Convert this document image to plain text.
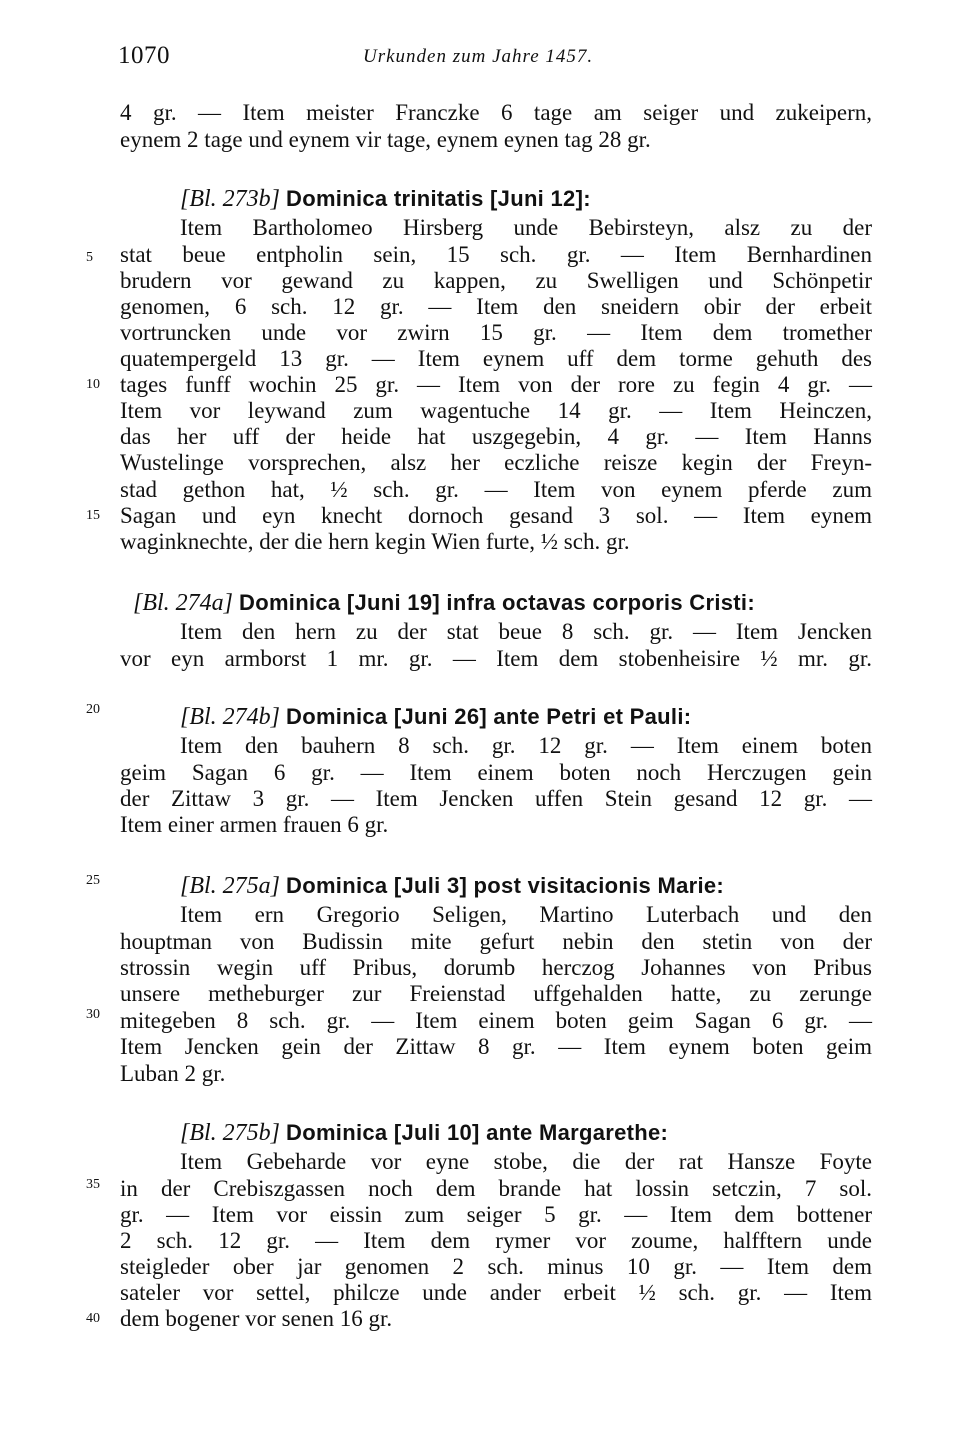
1070	Urkunden zum Jahre 1457.
5
10
15
20
25
30
35
40
4 gr. — Item meister Franczke 6 tage am seiger und zukeipern,
eynem 2 tage und eynem vir tage, eynem eynen tag 28 gr.
[Bl. 273b] Dominica trinitatis [Juni 12]:
Item Bartholomeo Hirsberg unde Bebirsteyn, alsz zu der
stat beue entpholin sein, 15 sch. gr. — Item Bernhardinen
brudern vor gewand zu kappen, zu Swelligen und Schönpetir
genomen, 6 sch. 12 gr. — Item den sneidern obir der erbeit
vortruncken unde vor zwirn 15 gr. — Item dem tromether
quatempergeld 13 gr. — Item eynem uff dem torme gehuth des
tages funff wochin 25 gr. — Item von der rore zu fegin 4 gr. —
Item vor leywand zum wagentuche 14 gr. — Item Heinczen,
das her uff der heide hat uszgegebin, 4 gr. — Item Hanns
Wustelinge vorsprechen, alsz her eczliche reisze kegin der Freyn-
stad gethon hat, ½ sch. gr. — Item von eynem pferde zum
Sagan und eyn knecht dornoch gesand 3 sol. — Item eynem
waginknechte, der die hern kegin Wien furte, ½ sch. gr.
[Bl. 274a] Dominica [Juni 19] infra octavas corporis Cristi:
Item den hern zu der stat beue 8 sch. gr. — Item Jencken
vor eyn armborst 1 mr. gr. — Item dem stobenheisire ½ mr. gr.
[Bl. 274b] Dominica [Juni 26] ante Petri et Pauli:
Item den bauhern 8 sch. gr. 12 gr. — Item einem boten
geim Sagan 6 gr. — Item einem boten noch Herczugen gein
der Zittaw 3 gr. — Item Jencken uffen Stein gesand 12 gr. —
Item einer armen frauen 6 gr.
[Bl. 275a] Dominica [Juli 3] post visitacionis Marie:
Item ern Gregorio Seligen, Martino Luterbach und den
houptman von Budissin mite gefurt nebin den stetin von der
strossin wegin uff Pribus, dorumb herczog Johannes von Pribus
unsere metheburger zur Freienstad uffgehalden hatte, zu zerunge
mitegeben 8 sch. gr. — Item einem boten geim Sagan 6 gr. —
Item Jencken gein der Zittaw 8 gr. — Item eynem boten geim
Luban 2 gr.
[Bl. 275b] Dominica [Juli 10] ante Margarethe:
Item Gebeharde vor eyne stobe, die der rat Hansze Foyte
in der Crebiszgassen noch dem brande hat lossin setczin, 7 sol.
gr. — Item vor eissin zum seiger 5 gr. — Item dem bottener
2 sch. 12 gr. — Item dem rymer vor zoume, halfftern unde
steigleder ober jar genomen 2 sch. minus 10 gr. — Item dem
sateler vor settel, philcze unde ander erbeit ½ sch. gr. — Item
dem bogener vor senen 16 gr.
